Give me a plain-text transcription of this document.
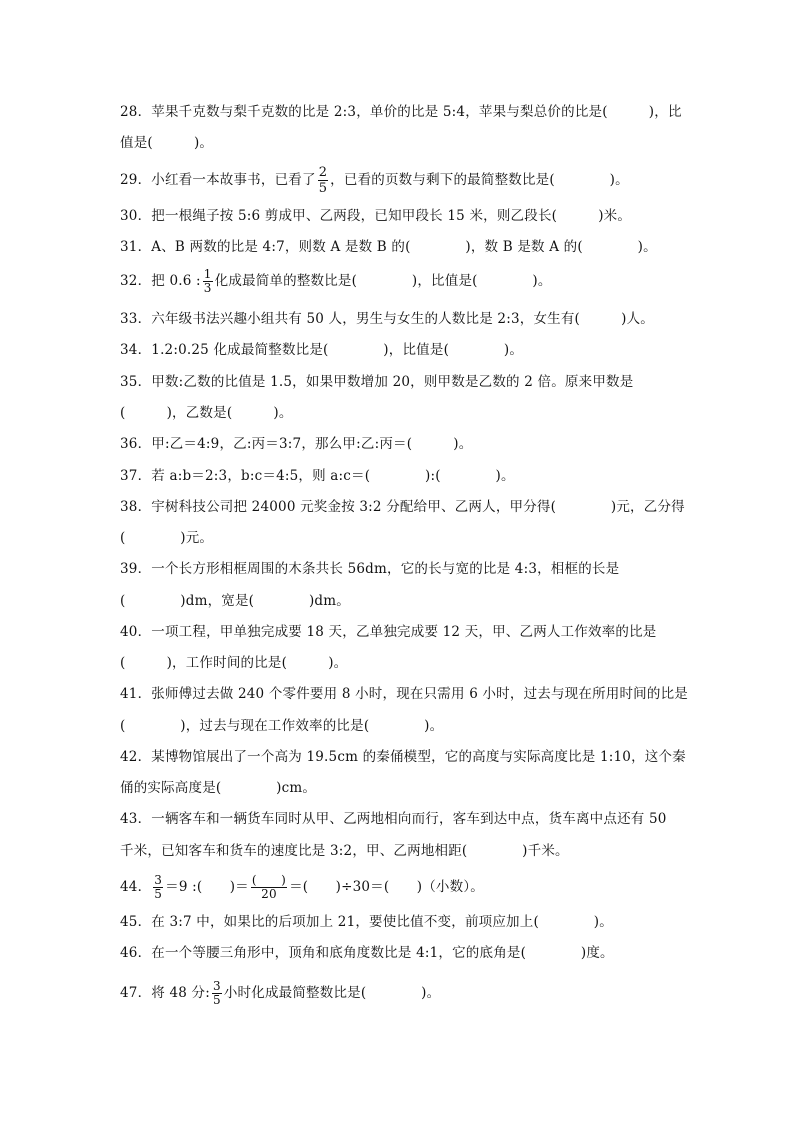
28．苹果千克数与梨千克数的比是 2:3，单价的比是 5:4，苹果与梨总价的比是(　　　)，比
值是(　　　)。
29．小红看一本故事书，已看了 $\frac{2}{5}$ ，已看的页数与剩下的最简整数比是(　　　　)。
30．把一根绳子按 5:6 剪成甲、乙两段，已知甲段长 15 米，则乙段长(　　　)米。
31．A、B 两数的比是 4:7，则数 A 是数 B 的(　　　　)，数 B 是数 A 的(　　　　)。
32．把 0.6 : $\frac{1}{3}$ 化成最简单的整数比是(　　　　)，比值是(　　　　)。
33．六年级书法兴趣小组共有 50 人，男生与女生的人数比是 2:3，女生有(　　　)人。
34．1.2:0.25 化成最简整数比是(　　　　)，比值是(　　　　)。
35．甲数:乙数的比值是 1.5，如果甲数增加 20，则甲数是乙数的 2 倍。原来甲数是
(　　　)，乙数是(　　　)。
36．甲:乙＝4:9，乙:丙＝3:7，那么甲:乙:丙＝(　　　)。
37．若 a:b＝2:3，b:c＝4:5，则 a:c＝(　　　　):(　　　　)。
38．宇树科技公司把 24000 元奖金按 3:2 分配给甲、乙两人，甲分得(　　　　)元，乙分得
(　　　　)元。
39．一个长方形相框周围的木条共长 56dm，它的长与宽的比是 4:3，相框的长是
(　　　　)dm，宽是(　　　　)dm。
40．一项工程，甲单独完成要 18 天，乙单独完成要 12 天，甲、乙两人工作效率的比是
(　　　)，工作时间的比是(　　　)。
41．张师傅过去做 240 个零件要用 8 小时，现在只需用 6 小时，过去与现在所用时间的比是
(　　　　)，过去与现在工作效率的比是(　　　　)。
42．某博物馆展出了一个高为 19.5cm 的秦俑模型，它的高度与实际高度比是 1:10，这个秦
俑的实际高度是(　　　　)cm。
43．一辆客车和一辆货车同时从甲、乙两地相向而行，客车到达中点，货车离中点还有 50
千米，已知客车和货车的速度比是 3:2，甲、乙两地相距(　　　　)千米。
44． $\frac{3}{5} =9$ :(　　)＝ $\frac{( )}{20}$ ＝(　　)÷30＝(　　)（小数）。
45．在 3:7 中，如果比的后项加上 21，要使比值不变，前项应加上(　　　　)。
46．在一个等腰三角形中，顶角和底角度数比是 4:1，它的底角是(　　　　)度。
47．将 48 分: $\frac{3}{5}$ 小时化成最简整数比是(　　　　)。
